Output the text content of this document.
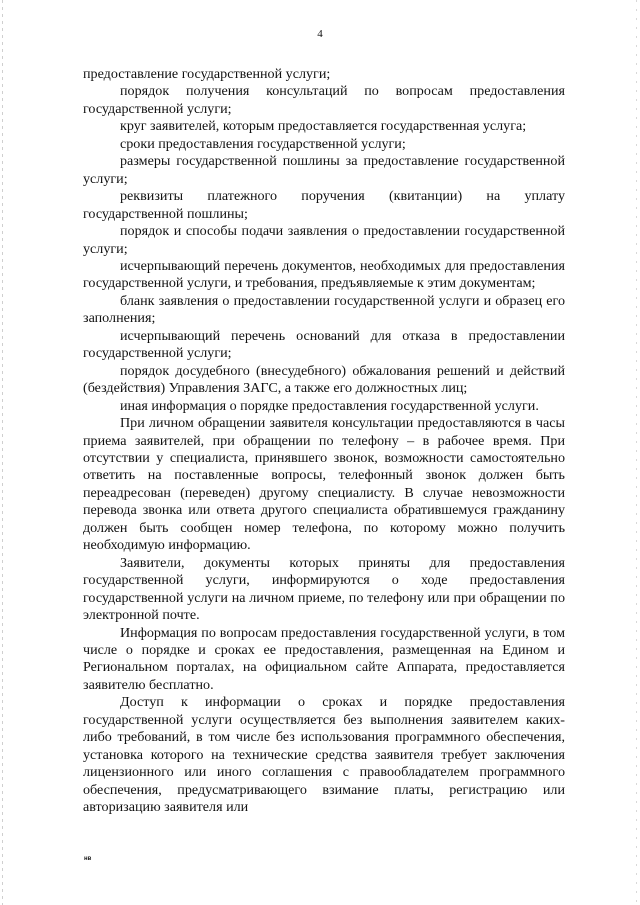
4

предоставление государственной услуги;

порядок получения консультаций по вопросам предоставления государственной услуги;

круг заявителей, которым предоставляется государственная услуга;

сроки предоставления государственной услуги;

размеры государственной пошлины за предоставление государственной услуги;

реквизиты платежного поручения (квитанции) на уплату государственной пошлины;

порядок и способы подачи заявления о предоставлении государственной услуги;

исчерпывающий перечень документов, необходимых для предоставления государственной услуги, и требования, предъявляемые к этим документам;

бланк заявления о предоставлении государственной услуги и образец его заполнения;

исчерпывающий перечень оснований для отказа в предоставлении государственной услуги;

порядок досудебного (внесудебного) обжалования решений и действий (бездействия) Управления ЗАГС, а также его должностных лиц;

иная информация о порядке предоставления государственной услуги.

При личном обращении заявителя консультации предоставляются в часы приема заявителей, при обращении по телефону – в рабочее время. При отсутствии у специалиста, принявшего звонок, возможности самостоятельно ответить на поставленные вопросы, телефонный звонок должен быть переадресован (переведен) другому специалисту. В случае невозможности перевода звонка или ответа другого специалиста обратившемуся гражданину должен быть сообщен номер телефона, по которому можно получить необходимую информацию.

Заявители, документы которых приняты для предоставления государственной услуги, информируются о ходе предоставления государственной услуги на личном приеме, по телефону или при обращении по электронной почте.

Информация по вопросам предоставления государственной услуги, в том числе о порядке и сроках ее предоставления, размещенная на Едином и Региональном порталах, на официальном сайте Аппарата, предоставляется заявителю бесплатно.

Доступ к информации о сроках и порядке предоставления государственной услуги осуществляется без выполнения заявителем каких-либо требований, в том числе без использования программного обеспечения, установка которого на технические средства заявителя требует заключения лицензионного или иного соглашения с правообладателем программного обеспечения, предусматривающего взимание платы, регистрацию или авторизацию заявителя или

нв
